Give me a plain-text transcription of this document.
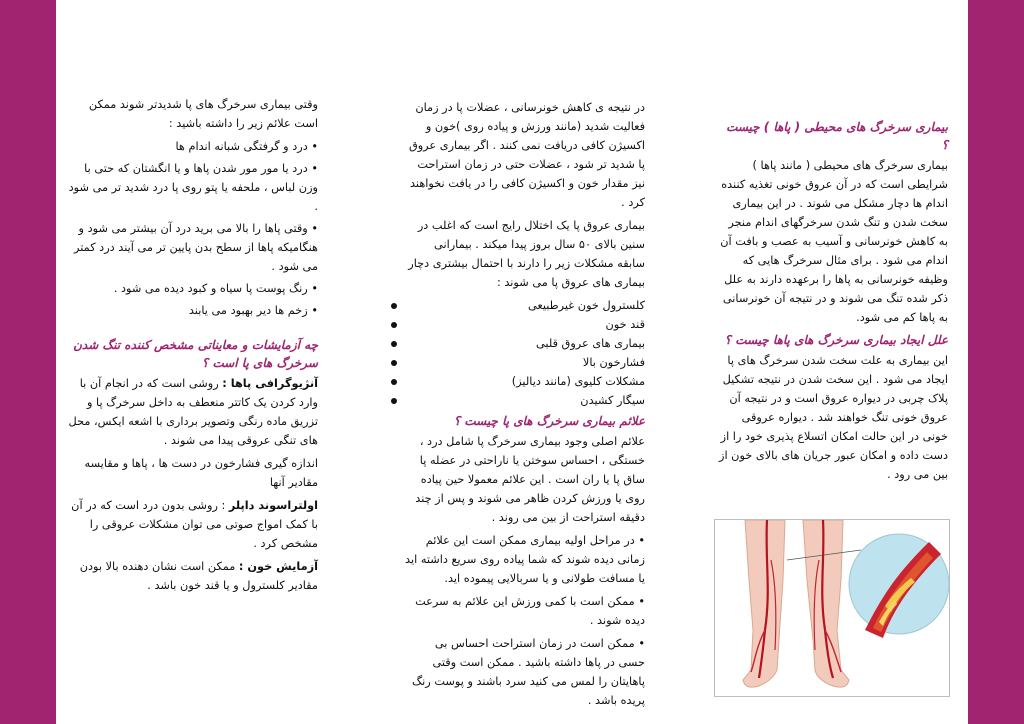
بیماری سرخرگ های محیطی ( پاها ) چیست ؟

بیماری سرخرگ های محیطی ( مانند پاها ) شرایطی است که در آن عروق خونی تغذیه کننده اندام ها دچار مشکل می شوند . در این بیماری سخت شدن و تنگ شدن سرخرگهای اندام منجر به کاهش خونرسانی و آسیب به عصب و بافت آن اندام می شود . برای مثال سرخرگ هایی که وظیفه خونرسانی به پاها را برعهده دارند به علل ذکر شده تنگ می شوند و در نتیجه آن خونرسانی به پاها کم می شود.

علل ایجاد بیماری سرخرگ های پاها چیست ؟

این بیماری به علت سخت شدن سرخرگ های پا ایجاد می شود . این سخت شدن در نتیجه تشکیل پلاک چربی در دیواره عروق است و در نتیجه آن عروق خونی تنگ خواهند شد . دیواره عروقی خونی در این حالت امکان اتسلاع پذیری خود را از دست داده و امکان عبور جریان های بالای خون از بین می رود .

در نتیجه ی کاهش خونرسانی ، عضلات پا در زمان فعالیت شدید (مانند ورزش و پیاده روی )خون و اکسیژن کافی دریافت نمی کنند . اگر بیماری عروق پا شدید تر شود ، عضلات حتی در زمان استراحت نیز مقدار خون و اکسیژن کافی را در یافت نخواهند کرد .

بیماری عروق پا یک اختلال رایج است که اغلب در سنین بالای ۵۰ سال بروز پیدا میکند . بیمارانی سابقه مشکلات زیر را دارند با احتمال بیشتری دچار بیماری های عروق پا می شوند :

کلسترول خون غیرطبیعی
قند خون
بیماری های عروق قلبی
فشارخون بالا
مشکلات کلیوی (مانند دیالیز)
سیگار کشیدن
علائم بیماری سرخرگ های پا چیست ؟

علائم اصلی وجود بیماری سرخرگ پا شامل درد ، خستگی ، احساس سوختن یا ناراحتی در عضله پا ساق پا یا ران است . این علائم معمولا حین پیاده روی یا ورزش کردن ظاهر می شوند و پس از چند دقیقه استراحت از بین می روند .

• در مراحل اولیه بیماری ممکن است این علائم زمانی دیده شوند که شما پیاده روی سریع داشته اید یا مسافت طولانی و یا سربالایی پیموده اید.

• ممکن است با کمی ورزش این علائم به سرعت دیده شوند .

• ممکن است در زمان استراحت احساس بی حسی در پاها داشته باشید . ممکن است وقتی پاهایتان را لمس می کنید سرد باشند و پوست رنگ پریده باشد .

وقتی بیماری سرخرگ های پا شدیدتر شوند ممکن است علائم زیر را داشته باشید :

• درد و گرفتگی شبانه اندام ها
• درد یا مور مور شدن پاها و یا انگشتان که حتی با وزن لباس ، ملحفه یا پتو روی پا درد شدید تر می شود .
• وقتی پاها را بالا می برید درد آن بیشتر می شود و هنگامیکه پاها از سطح بدن پایین تر می آیند درد کمتر می شود .
• رنگ پوست پا سیاه و کبود دیده می شود .
• زخم ها دیر بهبود می یابند
چه آزمایشات و معایناتی مشخص کننده تنگ شدن سرخرگ های پا است ؟

آنژیوگرافی پاها : روشی است که در انجام آن با وارد کردن یک کاتتر منعطف به داخل سرخرگ پا و تزریق ماده رنگی وتصویر برداری با اشعه ایکس، محل های تنگی عروقی پیدا می شوند .

اندازه گیری فشارخون در دست ها ، پاها و مقایسه مقادیر آنها

اولتراسوند داپلر : روشی بدون درد است که در آن با کمک امواج صوتی می توان مشکلات عروقی را مشخص کرد .

آزمایش خون : ممکن است نشان دهنده بالا بودن مقادیر کلسترول و یا قند خون باشد .
